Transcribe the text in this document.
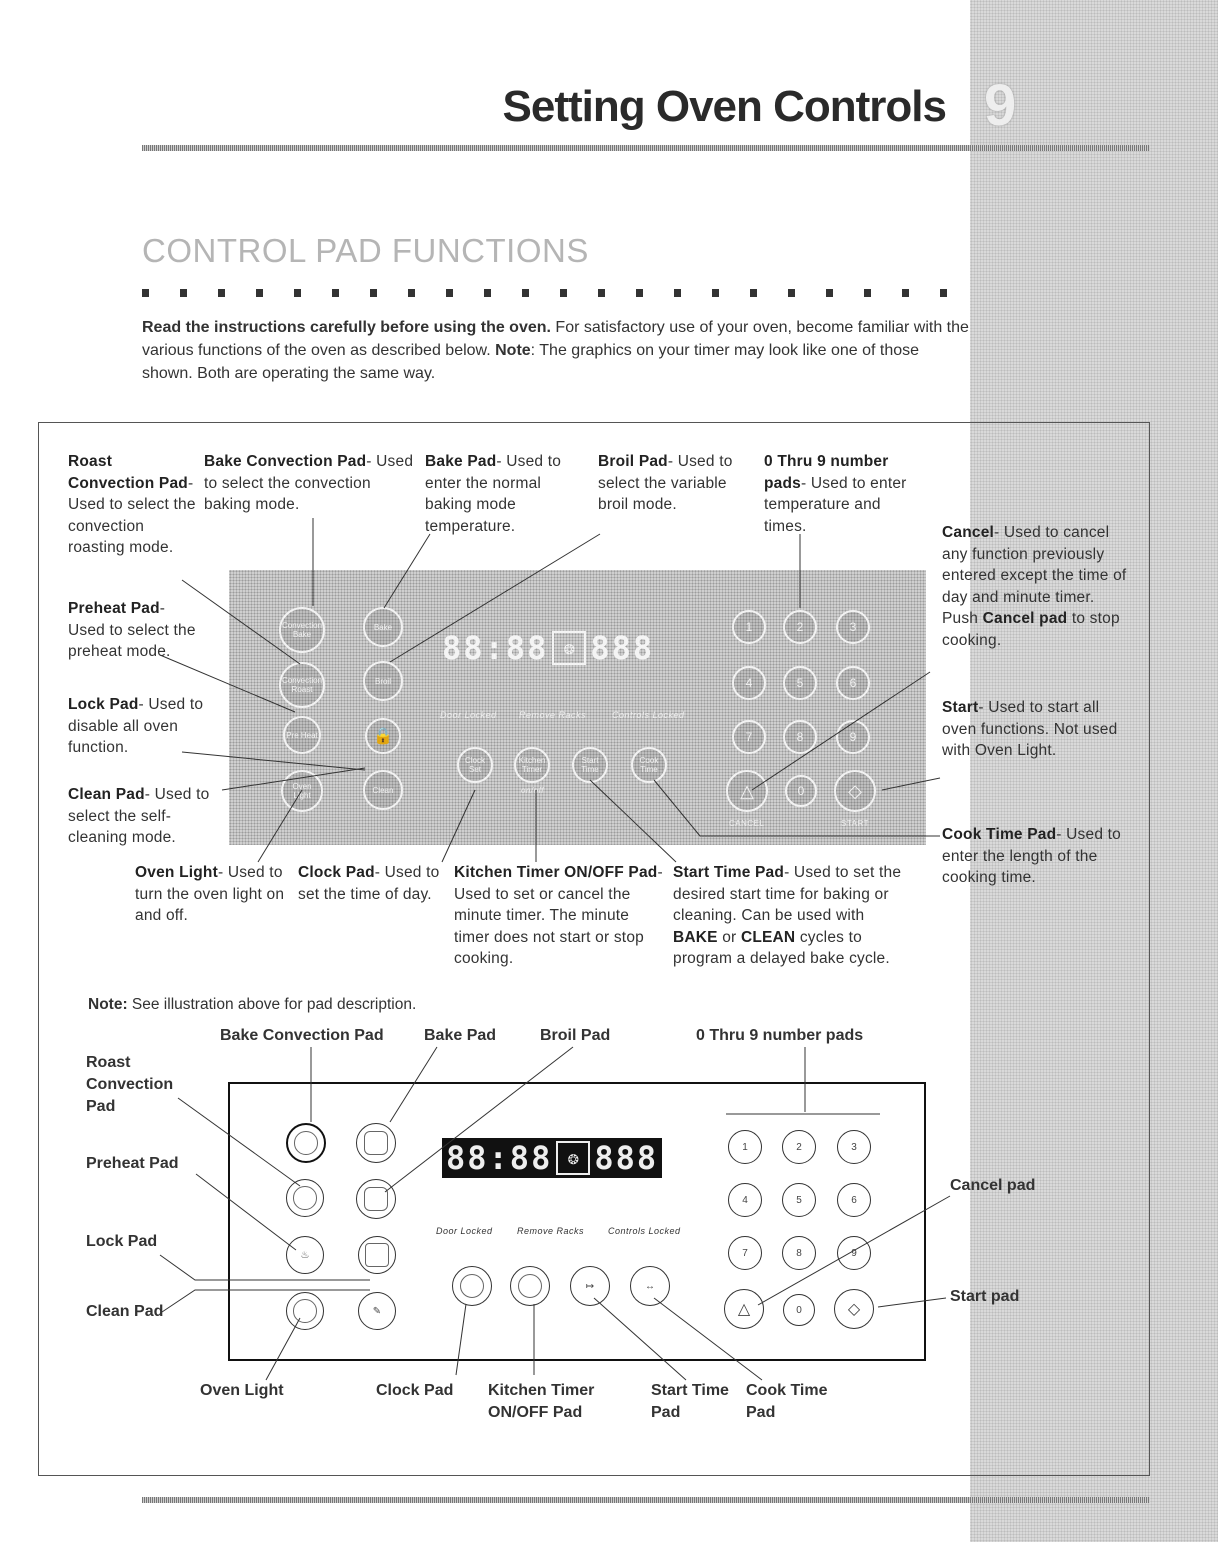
Setting Oven Controls 9
CONTROL PAD FUNCTIONS
Read the instructions carefully before using the oven. For satisfactory use of your oven, become familiar with the various functions of the oven as described below. Note: The graphics on your timer may look like one of those shown. Both are operating the same way.
Roast Convection Pad- Used to select the convection roasting mode.
Bake Convection Pad- Used to select the convection baking mode.
Bake Pad- Used to enter the normal baking mode temperature.
Broil Pad- Used to select the variable broil mode.
0 Thru 9 number pads- Used to enter temperature and times.	Cancel- Used to cancel any function previously entered except the time of day and minute timer. Push Cancel pad to stop cooking.
Preheat Pad- Used to select the preheat mode.
Lock Pad- Used to disable all oven function.
Start- Used to start all oven functions. Not used with Oven Light.
Clean Pad- Used to select the self-cleaning mode.	Cook Time Pad- Used to enter the length of the cooking time.
Oven Light- Used to turn the oven light on and off.
Clock Pad- Used to set the time of day.
Kitchen Timer ON/OFF Pad- Used to set or cancel the minute timer. The minute timer does not start or stop cooking.
Start Time Pad- Used to set the desired start time for baking or cleaning. Can be used with BAKE or CLEAN cycles to program a delayed bake cycle.
Convection Bake
Convection Roast
Pre Heat
Oven Light
Bake
Broil
🔒
Clean
88:88 ❂ 888
Door Locked Remove Racks	Controls Locked
Clock Set
Kitchen Timer
on/off
Start Time
Cook Time
1	2	3
4	5	6
7	8	9
△	0	◇
CANCEL	START
Note: See illustration above for pad description.
Bake Convection Pad	Bake Pad	Broil Pad	0 Thru 9 number pads
Roast Convection Pad
Preheat Pad
Lock Pad
Clean Pad
Cancel pad
Start pad
Oven Light	Clock Pad Kitchen Timer ON/OFF Pad
Start Time Pad
Cook Time Pad
♨
✎
88:88 ❂ 888
Door Locked	Remove Racks	Controls Locked
↦	↔
1	2	3
4	5	6
7	8	9
△	0	◇
